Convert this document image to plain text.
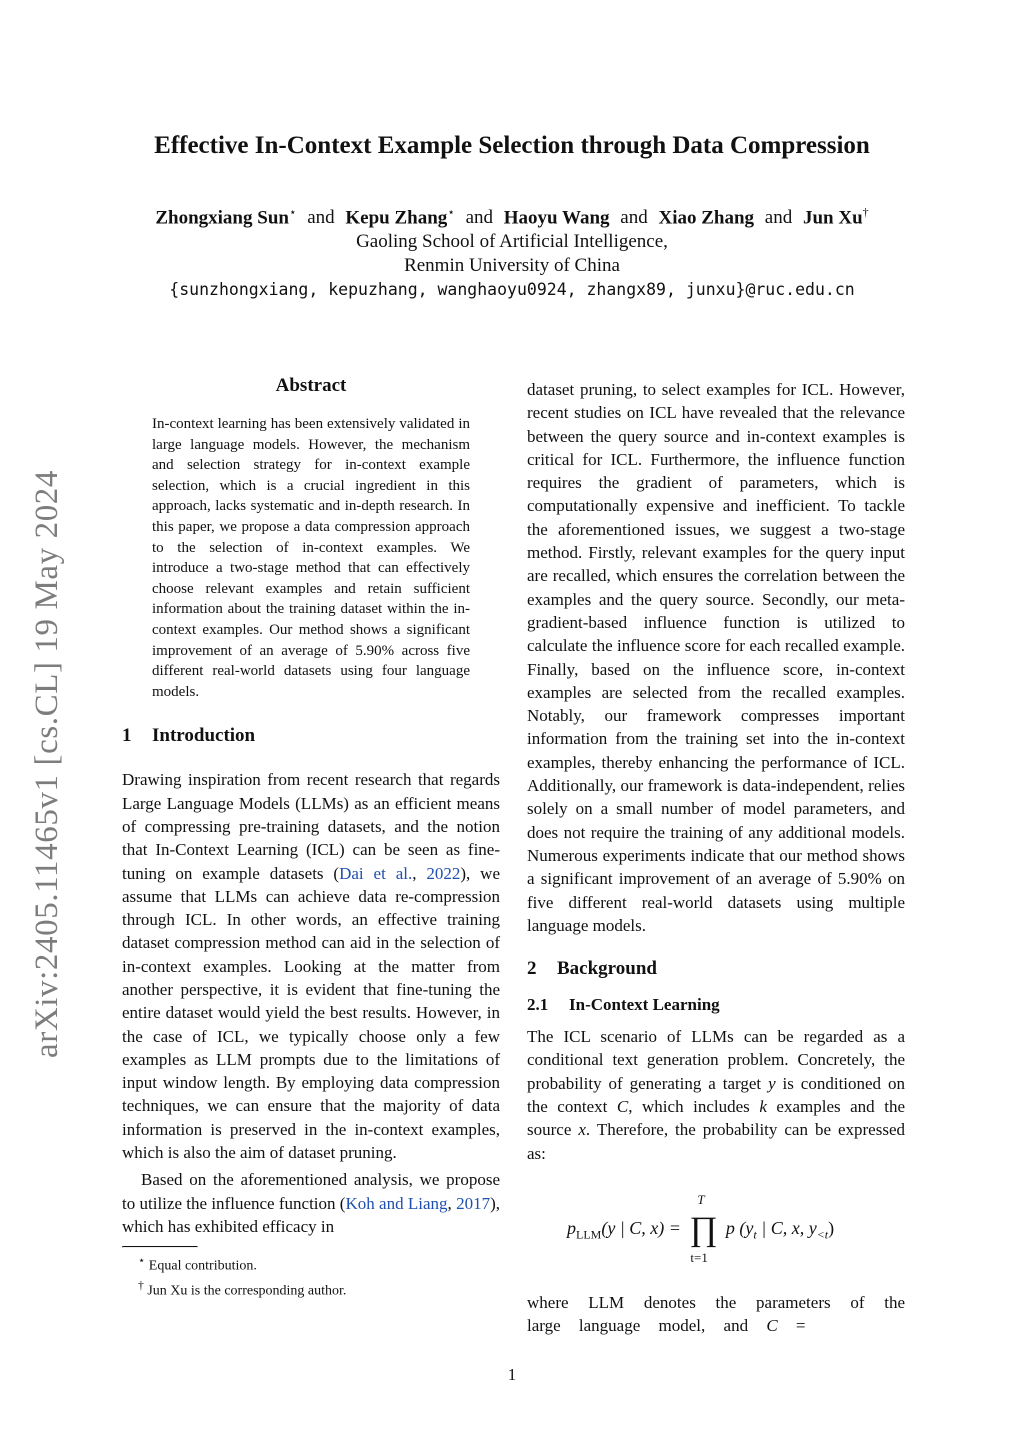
arXiv:2405.11465v1 [cs.CL] 19 May 2024
Effective In-Context Example Selection through Data Compression
Zhongxiang Sun⋆ and Kepu Zhang⋆ and Haoyu Wang and Xiao Zhang and Jun Xu†
Gaoling School of Artificial Intelligence,
Renmin University of China
{sunzhongxiang, kepuzhang, wanghaoyu0924, zhangx89, junxu}@ruc.edu.cn
Abstract

In-context learning has been extensively validated in large language models. However, the mechanism and selection strategy for in-context example selection, which is a crucial ingredient in this approach, lacks systematic and in-depth research. In this paper, we propose a data compression approach to the selection of in-context examples. We introduce a two-stage method that can effectively choose relevant examples and retain sufficient information about the training dataset within the in-context examples. Our method shows a significant improvement of an average of 5.90% across five different real-world datasets using four language models.

1 Introduction

Drawing inspiration from recent research that regards Large Language Models (LLMs) as an efficient means of compressing pre-training datasets, and the notion that In-Context Learning (ICL) can be seen as fine-tuning on example datasets (Dai et al., 2022), we assume that LLMs can achieve data re-compression through ICL. In other words, an effective training dataset compression method can aid in the selection of in-context examples. Looking at the matter from another perspective, it is evident that fine-tuning the entire dataset would yield the best results. However, in the case of ICL, we typically choose only a few examples as LLM prompts due to the limitations of input window length. By employing data compression techniques, we can ensure that the majority of data information is preserved in the in-context examples, which is also the aim of dataset pruning.

Based on the aforementioned analysis, we propose to utilize the influence function (Koh and Liang, 2017), which has exhibited efficacy in

⋆ Equal contribution.

† Jun Xu is the corresponding author.

dataset pruning, to select examples for ICL. However, recent studies on ICL have revealed that the relevance between the query source and in-context examples is critical for ICL. Furthermore, the influence function requires the gradient of parameters, which is computationally expensive and inefficient. To tackle the aforementioned issues, we suggest a two-stage method. Firstly, relevant examples for the query input are recalled, which ensures the correlation between the examples and the query source. Secondly, our meta-gradient-based influence function is utilized to calculate the influence score for each recalled example. Finally, based on the influence score, in-context examples are selected from the recalled examples. Notably, our framework compresses important information from the training set into the in-context examples, thereby enhancing the performance of ICL. Additionally, our framework is data-independent, relies solely on a small number of model parameters, and does not require the training of any additional models. Numerous experiments indicate that our method shows a significant improvement of an average of 5.90% on five different real-world datasets using multiple language models.

2 Background
2.1 In-Context Learning

The ICL scenario of LLMs can be regarded as a conditional text generation problem. Concretely, the probability of generating a target y is conditioned on the context C, which includes k examples and the source x. Therefore, the probability can be expressed as:

$p_{LLM}(y$ | C, x) = ∏
T
t=1
p ($y_t$ | C, x, $y_{<t}$)

where LLM denotes the parameters of the large language model, and C =

1
